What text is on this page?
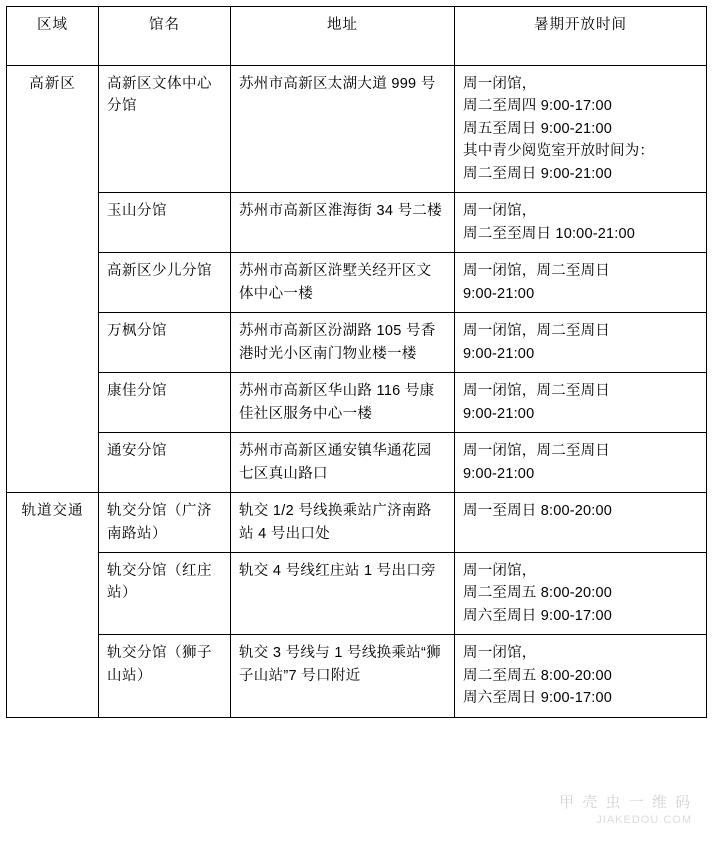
区域	馆名	地址	暑期开放时间
高新区	高新区文体中心分馆	苏州市高新区太湖大道 999 号	周一闭馆，
周二至周四 9:00-17:00
周五至周日 9:00-21:00
其中青少阅览室开放时间为：
周二至周日 9:00-21:00

	玉山分馆	苏州市高新区淮海街 34 号二楼	周一闭馆，
周二至至周日 10:00-21:00

	高新区少儿分馆	苏州市高新区浒墅关经开区文体中心一楼	周一闭馆，周二至周日
9:00-21:00

	万枫分馆	苏州市高新区汾湖路 105 号香港时光小区南门物业楼一楼	周一闭馆，周二至周日
9:00-21:00

	康佳分馆	苏州市高新区华山路 116 号康佳社区服务中心一楼	周一闭馆，周二至周日
9:00-21:00

	通安分馆	苏州市高新区通安镇华通花园七区真山路口	周一闭馆，周二至周日
9:00-21:00

轨道交通	轨交分馆（广济南路站）	轨交 1/2 号线换乘站广济南路站 4 号出口处	周一至周日 8:00-20:00

	轨交分馆（红庄站）	轨交 4 号线红庄站 1 号出口旁	周一闭馆，
周二至周五 8:00-20:00
周六至周日 9:00-17:00

	轨交分馆（狮子山站）	轨交 3 号线与 1 号线换乘站“狮子山站”7 号口附近	周一闭馆，
周二至周五 8:00-20:00
周六至周日 9:00-17:00
甲 壳 虫 一 维 码
JIAKEDOU.COM
